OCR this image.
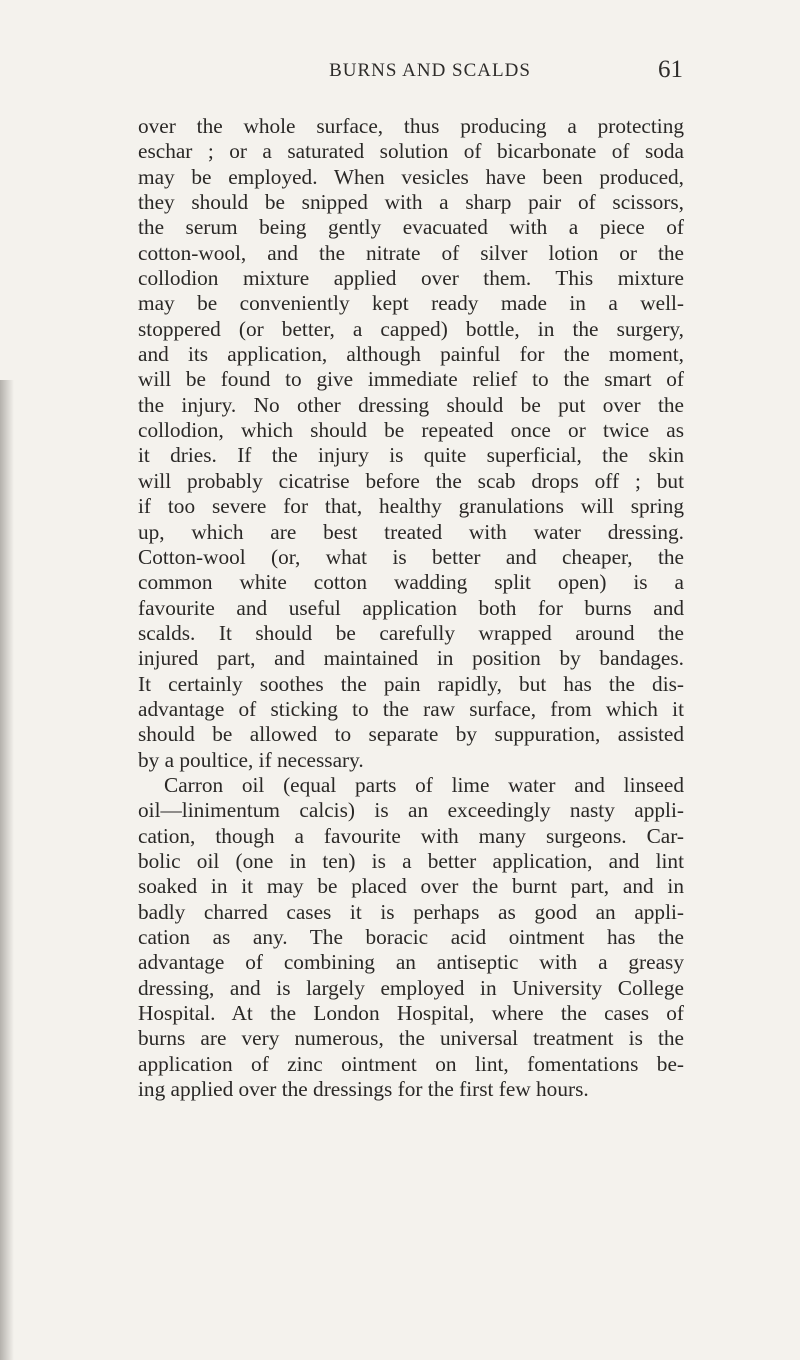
BURNS AND SCALDS	61
over the whole surface, thus producing a protecting
eschar ; or a saturated solution of bicarbonate of soda
may be employed. When vesicles have been produced,
they should be snipped with a sharp pair of scissors,
the serum being gently evacuated with a piece of
cotton-wool, and the nitrate of silver lotion or the
collodion mixture applied over them. This mixture
may be conveniently kept ready made in a well-
stoppered (or better, a capped) bottle, in the surgery,
and its application, although painful for the moment,
will be found to give immediate relief to the smart of
the injury. No other dressing should be put over the
collodion, which should be repeated once or twice as
it dries. If the injury is quite superficial, the skin
will probably cicatrise before the scab drops off ; but
if too severe for that, healthy granulations will spring
up, which are best treated with water dressing.
Cotton-wool (or, what is better and cheaper, the
common white cotton wadding split open) is a
favourite and useful application both for burns and
scalds. It should be carefully wrapped around the
injured part, and maintained in position by bandages.
It certainly soothes the pain rapidly, but has the dis-
advantage of sticking to the raw surface, from which it
should be allowed to separate by suppuration, assisted
by a poultice, if necessary.
Carron oil (equal parts of lime water and linseed
oil—linimentum calcis) is an exceedingly nasty appli-
cation, though a favourite with many surgeons. Car-
bolic oil (one in ten) is a better application, and lint
soaked in it may be placed over the burnt part, and in
badly charred cases it is perhaps as good an appli-
cation as any. The boracic acid ointment has the
advantage of combining an antiseptic with a greasy
dressing, and is largely employed in University College
Hospital. At the London Hospital, where the cases of
burns are very numerous, the universal treatment is the
application of zinc ointment on lint, fomentations be-
ing applied over the dressings for the first few hours.
